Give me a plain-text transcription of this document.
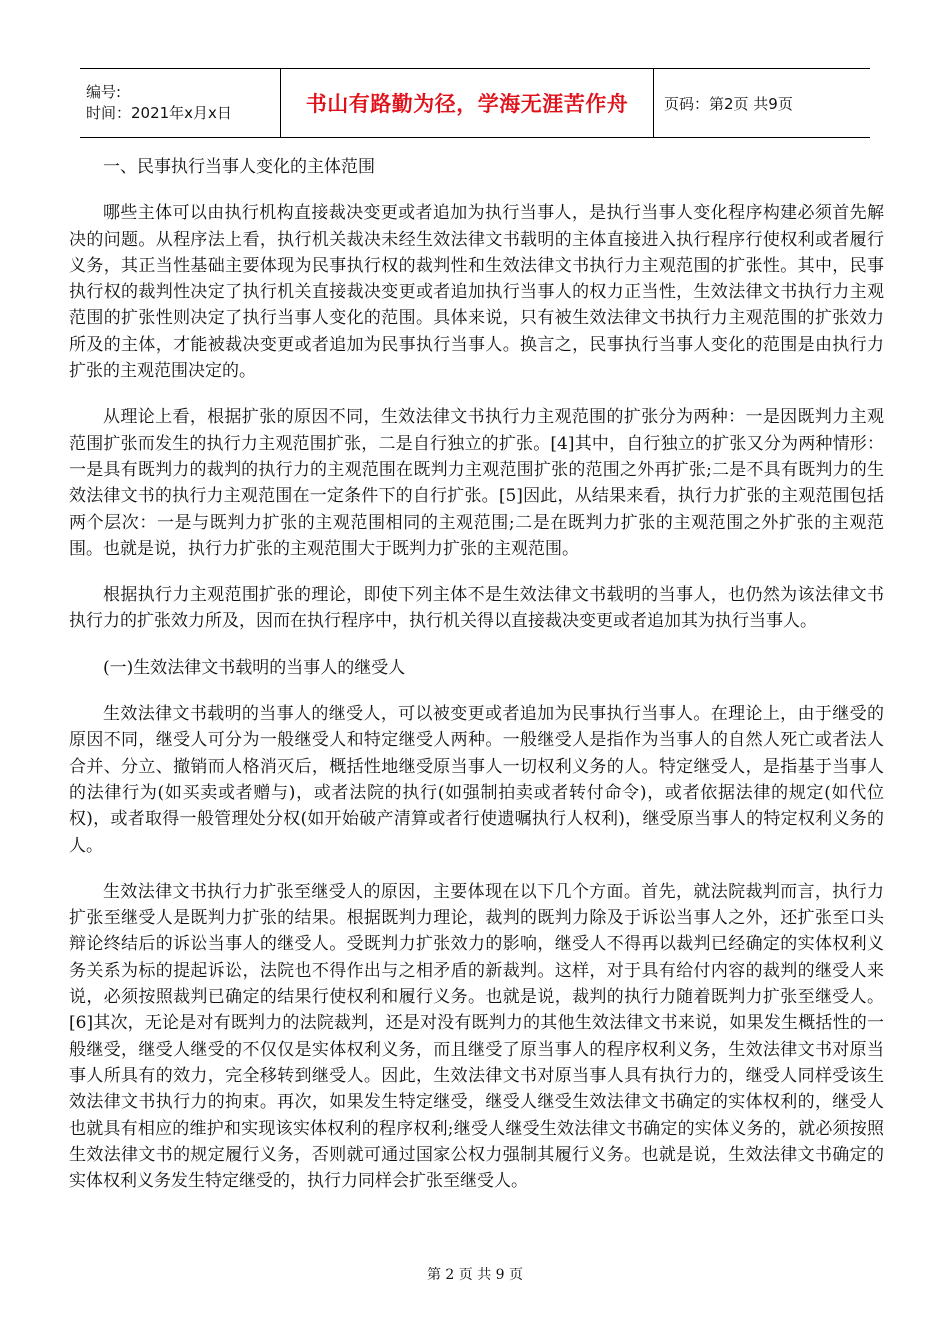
编号:
时间：2021年x月x日	书山有路勤为径，学海无涯苦作舟	页码：第2页 共9页

一、民事执行当事人变化的主体范围

哪些主体可以由执行机构直接裁决变更或者追加为执行当事人，是执行当事人变化程序构建必须首先解决的问题。从程序法上看，执行机关裁决未经生效法律文书载明的主体直接进入执行程序行使权利或者履行义务，其正当性基础主要体现为民事执行权的裁判性和生效法律文书执行力主观范围的扩张性。其中，民事执行权的裁判性决定了执行机关直接裁决变更或者追加执行当事人的权力正当性，生效法律文书执行力主观范围的扩张性则决定了执行当事人变化的范围。具体来说，只有被生效法律文书执行力主观范围的扩张效力所及的主体，才能被裁决变更或者追加为民事执行当事人。换言之，民事执行当事人变化的范围是由执行力扩张的主观范围决定的。

从理论上看，根据扩张的原因不同，生效法律文书执行力主观范围的扩张分为两种：一是因既判力主观范围扩张而发生的执行力主观范围扩张，二是自行独立的扩张。[4]其中，自行独立的扩张又分为两种情形：一是具有既判力的裁判的执行力的主观范围在既判力主观范围扩张的范围之外再扩张;二是不具有既判力的生效法律文书的执行力主观范围在一定条件下的自行扩张。[5]因此，从结果来看，执行力扩张的主观范围包括两个层次：一是与既判力扩张的主观范围相同的主观范围;二是在既判力扩张的主观范围之外扩张的主观范围。也就是说，执行力扩张的主观范围大于既判力扩张的主观范围。

根据执行力主观范围扩张的理论，即使下列主体不是生效法律文书载明的当事人，也仍然为该法律文书执行力的扩张效力所及，因而在执行程序中，执行机关得以直接裁决变更或者追加其为执行当事人。

(一)生效法律文书载明的当事人的继受人

生效法律文书载明的当事人的继受人，可以被变更或者追加为民事执行当事人。在理论上，由于继受的原因不同，继受人可分为一般继受人和特定继受人两种。一般继受人是指作为当事人的自然人死亡或者法人合并、分立、撤销而人格消灭后，概括性地继受原当事人一切权利义务的人。特定继受人，是指基于当事人的法律行为(如买卖或者赠与)，或者法院的执行(如强制拍卖或者转付命令)，或者依据法律的规定(如代位权)，或者取得一般管理处分权(如开始破产清算或者行使遗嘱执行人权利)，继受原当事人的特定权利义务的人。

生效法律文书执行力扩张至继受人的原因，主要体现在以下几个方面。首先，就法院裁判而言，执行力扩张至继受人是既判力扩张的结果。根据既判力理论，裁判的既判力除及于诉讼当事人之外，还扩张至口头辩论终结后的诉讼当事人的继受人。受既判力扩张效力的影响，继受人不得再以裁判已经确定的实体权利义务关系为标的提起诉讼，法院也不得作出与之相矛盾的新裁判。这样，对于具有给付内容的裁判的继受人来说，必须按照裁判已确定的结果行使权利和履行义务。也就是说，裁判的执行力随着既判力扩张至继受人。[6]其次，无论是对有既判力的法院裁判，还是对没有既判力的其他生效法律文书来说，如果发生概括性的一般继受，继受人继受的不仅仅是实体权利义务，而且继受了原当事人的程序权利义务，生效法律文书对原当事人所具有的效力，完全移转到继受人。因此，生效法律文书对原当事人具有执行力的，继受人同样受该生效法律文书执行力的拘束。再次，如果发生特定继受，继受人继受生效法律文书确定的实体权利的，继受人也就具有相应的维护和实现该实体权利的程序权利;继受人继受生效法律文书确定的实体义务的，就必须按照生效法律文书的规定履行义务，否则就可通过国家公权力强制其履行义务。也就是说，生效法律文书确定的实体权利义务发生特定继受的，执行力同样会扩张至继受人。

第 2 页 共 9 页
